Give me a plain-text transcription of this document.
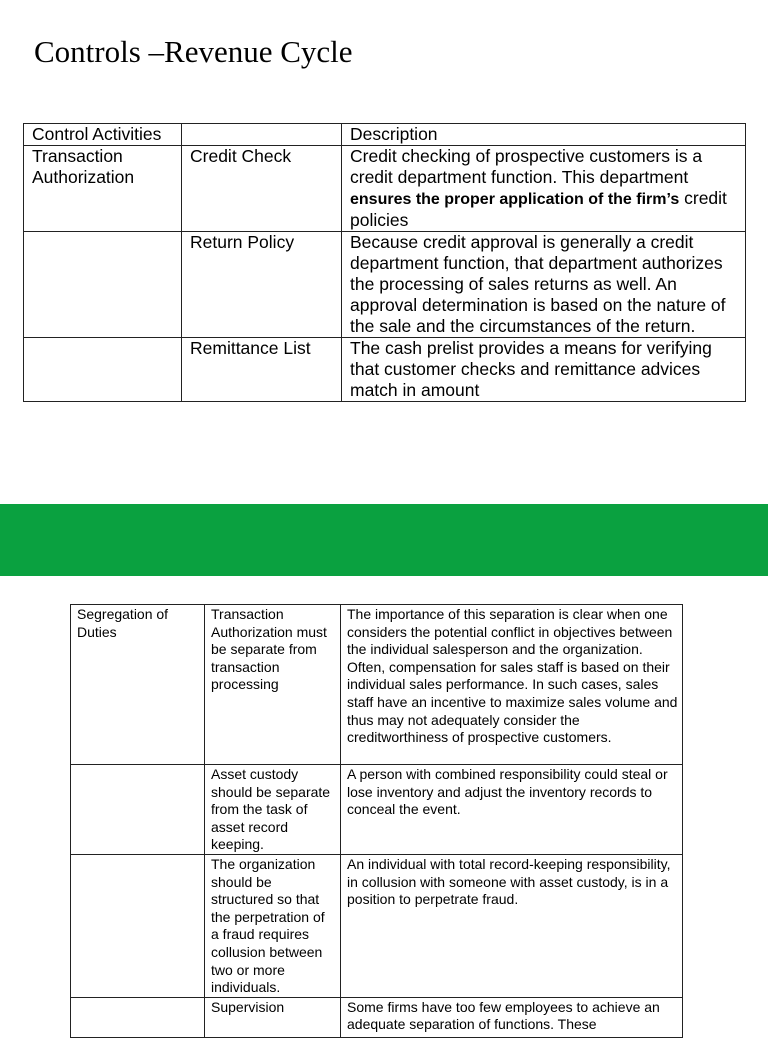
Controls –Revenue Cycle
Control Activities		Description
Transaction Authorization	Credit Check	Credit checking of prospective customers is a credit department function. This department ensures the proper application of the firm’s credit policies
	Return Policy	Because credit approval is generally a credit department function, that department authorizes the processing of sales returns as well. An approval determination is based on the nature of the sale and the circumstances of the return.
	Remittance List	The cash prelist provides a means for verifying that customer checks and remittance advices match in amount
Segregation of Duties	Transaction Authorization must be separate from transaction processing	The importance of this separation is clear when one considers the potential conflict in objectives between the individual salesperson and the organization. Often, compensation for sales staff is based on their individual sales performance. In such cases, sales staff have an incentive to maximize sales volume and thus may not adequately consider the creditworthiness of prospective customers.
	Asset custody should be separate from the task of asset record keeping.	A person with combined responsibility could steal or lose inventory and adjust the inventory records to conceal the event.
	The organization should be structured so that the perpetration of a fraud requires collusion between two or more individuals.	An individual with total record-keeping responsibility, in collusion with someone with asset custody, is in a position to perpetrate fraud.
	Supervision	Some firms have too few employees to achieve an adequate separation of functions. These
